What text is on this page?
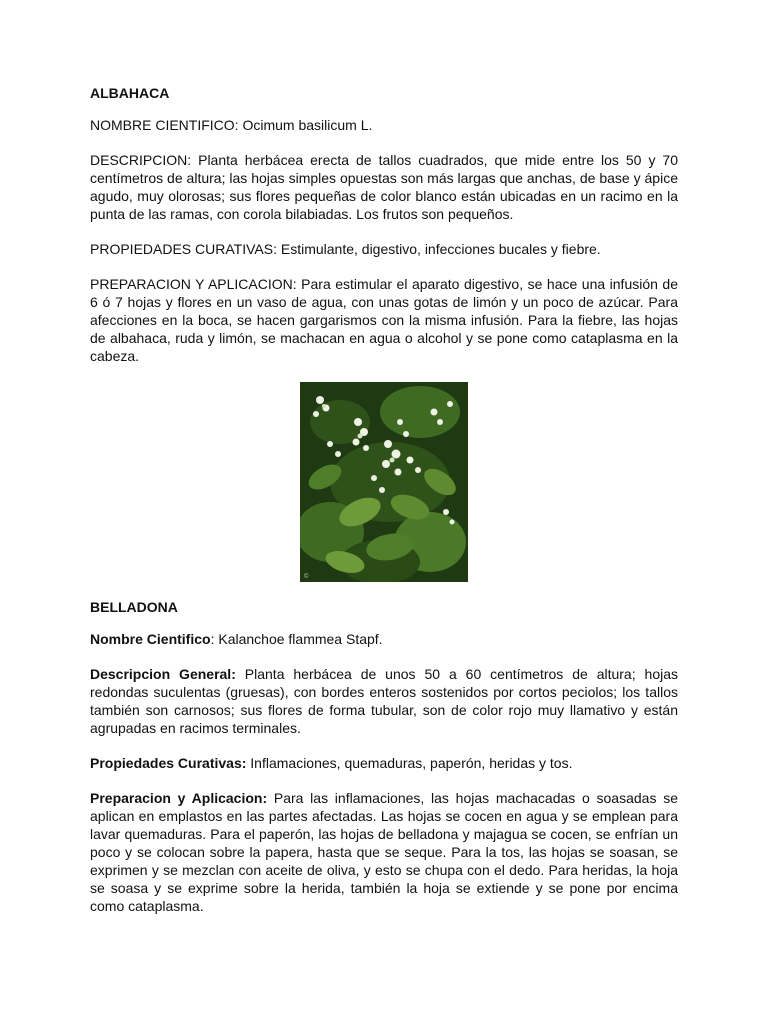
ALBAHACA

NOMBRE CIENTIFICO: Ocimum basilicum L.

DESCRIPCION: Planta herbácea erecta de tallos cuadrados, que mide entre los 50 y 70 centímetros de altura; las hojas simples opuestas son más largas que anchas, de base y ápice agudo, muy olorosas; sus flores pequeñas de color blanco están ubicadas en un racimo en la punta de las ramas, con corola bilabiadas. Los frutos son pequeños.

PROPIEDADES CURATIVAS: Estimulante, digestivo, infecciones bucales y fiebre.

PREPARACION Y APLICACION: Para estimular el aparato digestivo, se hace una infusión de 6 ó 7 hojas y flores en un vaso de agua, con unas gotas de limón y un poco de azúcar. Para afecciones en la boca, se hacen gargarismos con la misma infusión. Para la fiebre, las hojas de albahaca, ruda y limón, se machacan en agua o alcohol y se pone como cataplasma en la cabeza.

©
BELLADONA

Nombre Cientifico: Kalanchoe flammea Stapf.

Descripcion General: Planta herbácea de unos 50 a 60 centímetros de altura; hojas redondas suculentas (gruesas), con bordes enteros sostenidos por cortos peciolos; los tallos también son carnosos; sus flores de forma tubular, son de color rojo muy llamativo y están agrupadas en racimos terminales.

Propiedades Curativas: Inflamaciones, quemaduras, paperón, heridas y tos.

Preparacion y Aplicacion: Para las inflamaciones, las hojas machacadas o soasadas se aplican en emplastos en las partes afectadas. Las hojas se cocen en agua y se emplean para lavar quemaduras. Para el paperón, las hojas de belladona y majagua se cocen, se enfrían un poco y se colocan sobre la papera, hasta que se seque. Para la tos, las hojas se soasan, se exprimen y se mezclan con aceite de oliva, y esto se chupa con el dedo. Para heridas, la hoja se soasa y se exprime sobre la herida, también la hoja se extiende y se pone por encima como cataplasma.
